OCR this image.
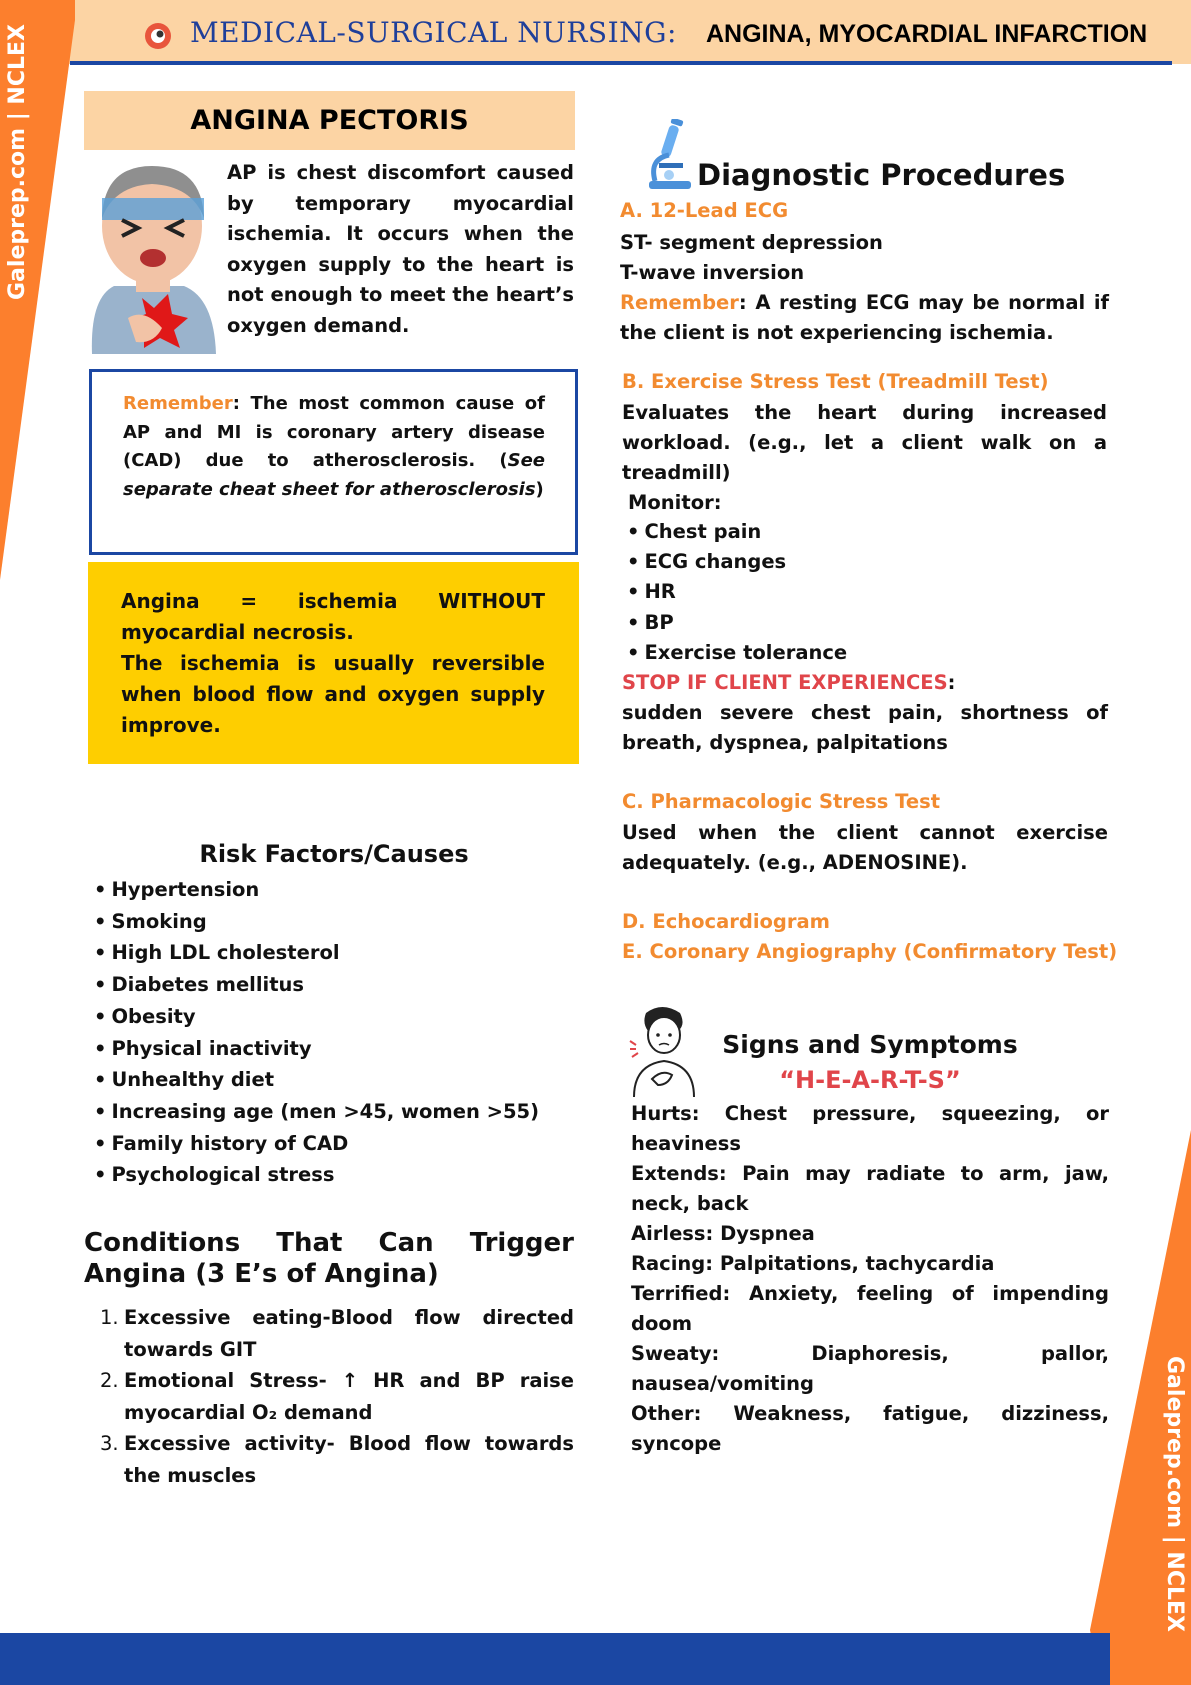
MEDICAL-SURGICAL NURSING: ANGINA, MYOCARDIAL INFARCTION
Galeprep.com | NCLEX
Galeprep.com | NCLEX
ANGINA PECTORIS
AP is chest discomfort caused by temporary myocardial ischemia. It occurs when the oxygen supply to the heart is not enough to meet the heart’s oxygen demand.
Remember: The most common cause of AP and MI is coronary artery disease (CAD) due to atherosclerosis. (See separate cheat sheet for atherosclerosis)

Angina = ischemia WITHOUT myocardial necrosis.

The ischemia is usually reversible when blood flow and oxygen supply improve.

Risk Factors/Causes
• Hypertension
• Smoking
• High LDL cholesterol
• Diabetes mellitus
• Obesity
• Physical inactivity
• Unhealthy diet
• Increasing age (men >45, women >55)
• Family history of CAD
• Psychological stress
Conditions That Can Trigger Angina (3 E’s of Angina)
1. Excessive eating-Blood flow directed towards GIT
2. Emotional Stress- ↑ HR and BP raise myocardial O₂ demand
3. Excessive activity- Blood flow towards the muscles
Diagnostic Procedures
A. 12-Lead ECG
ST- segment depression
T-wave inversion
Remember: A resting ECG may be normal if the client is not experiencing ischemia.
B. Exercise Stress Test (Treadmill Test)
Evaluates the heart during increased workload. (e.g., let a client walk on a treadmill)
Monitor:
• Chest pain
• ECG changes
• HR
• BP
• Exercise tolerance
STOP IF CLIENT EXPERIENCES:
sudden severe chest pain, shortness of breath, dyspnea, palpitations
C. Pharmacologic Stress Test
Used when the client cannot exercise adequately. (e.g., ADENOSINE).
D. Echocardiogram
E. Coronary Angiography (Confirmatory Test)
Signs and Symptoms
“H-E-A-R-T-S”
Hurts: Chest pressure, squeezing, or heaviness
Extends: Pain may radiate to arm, jaw, neck, back
Airless: Dyspnea
Racing: Palpitations, tachycardia
Terrified: Anxiety, feeling of impending doom
Sweaty: Diaphoresis, pallor, nausea/vomiting
Other: Weakness, fatigue, dizziness, syncope
